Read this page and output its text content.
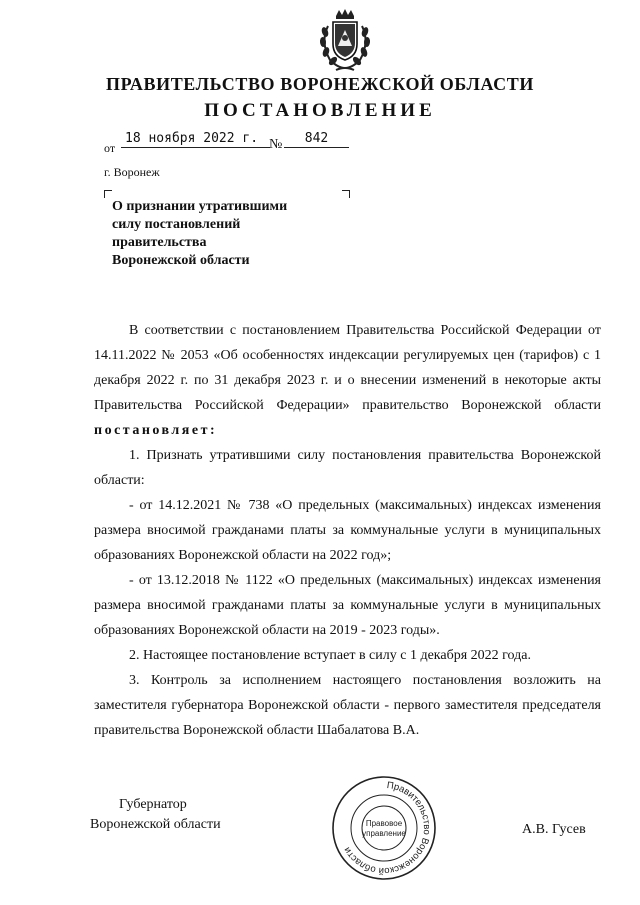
ПРАВИТЕЛЬСТВО ВОРОНЕЖСКОЙ ОБЛАСТИ
ПОСТАНОВЛЕНИЕ
от
18 ноября 2022 г. №	842
г. Воронеж
О признании утратившими
силу постановлений
правительства
Воронежской области

В соответствии с постановлением Правительства Российской Федерации от 14.11.2022 № 2053 «Об особенностях индексации регулируемых цен (тарифов) с 1 декабря 2022 г. по 31 декабря 2023 г. и о внесении изменений в некоторые акты Правительства Российской Федерации» правительство Воронежской области постановляет:

1. Признать утратившими силу постановления правительства Воронежской области:

- от 14.12.2021 № 738 «О предельных (максимальных) индексах изменения размера вносимой гражданами платы за коммунальные услуги в муниципальных образованиях Воронежской области на 2022 год»;

- от 13.12.2018 № 1122 «О предельных (максимальных) индексах изменения размера вносимой гражданами платы за коммунальные услуги в муниципальных образованиях Воронежской области на 2019 - 2023 годы».

2. Настоящее постановление вступает в силу с 1 декабря 2022 года.

3. Контроль за исполнением настоящего постановления возложить на заместителя губернатора Воронежской области - первого заместителя председателя правительства Воронежской области Шабалатова В.А.

Губернатор
Воронежской области
Правительство Воронежской области
Правовое
управление	А.В. Гусев
